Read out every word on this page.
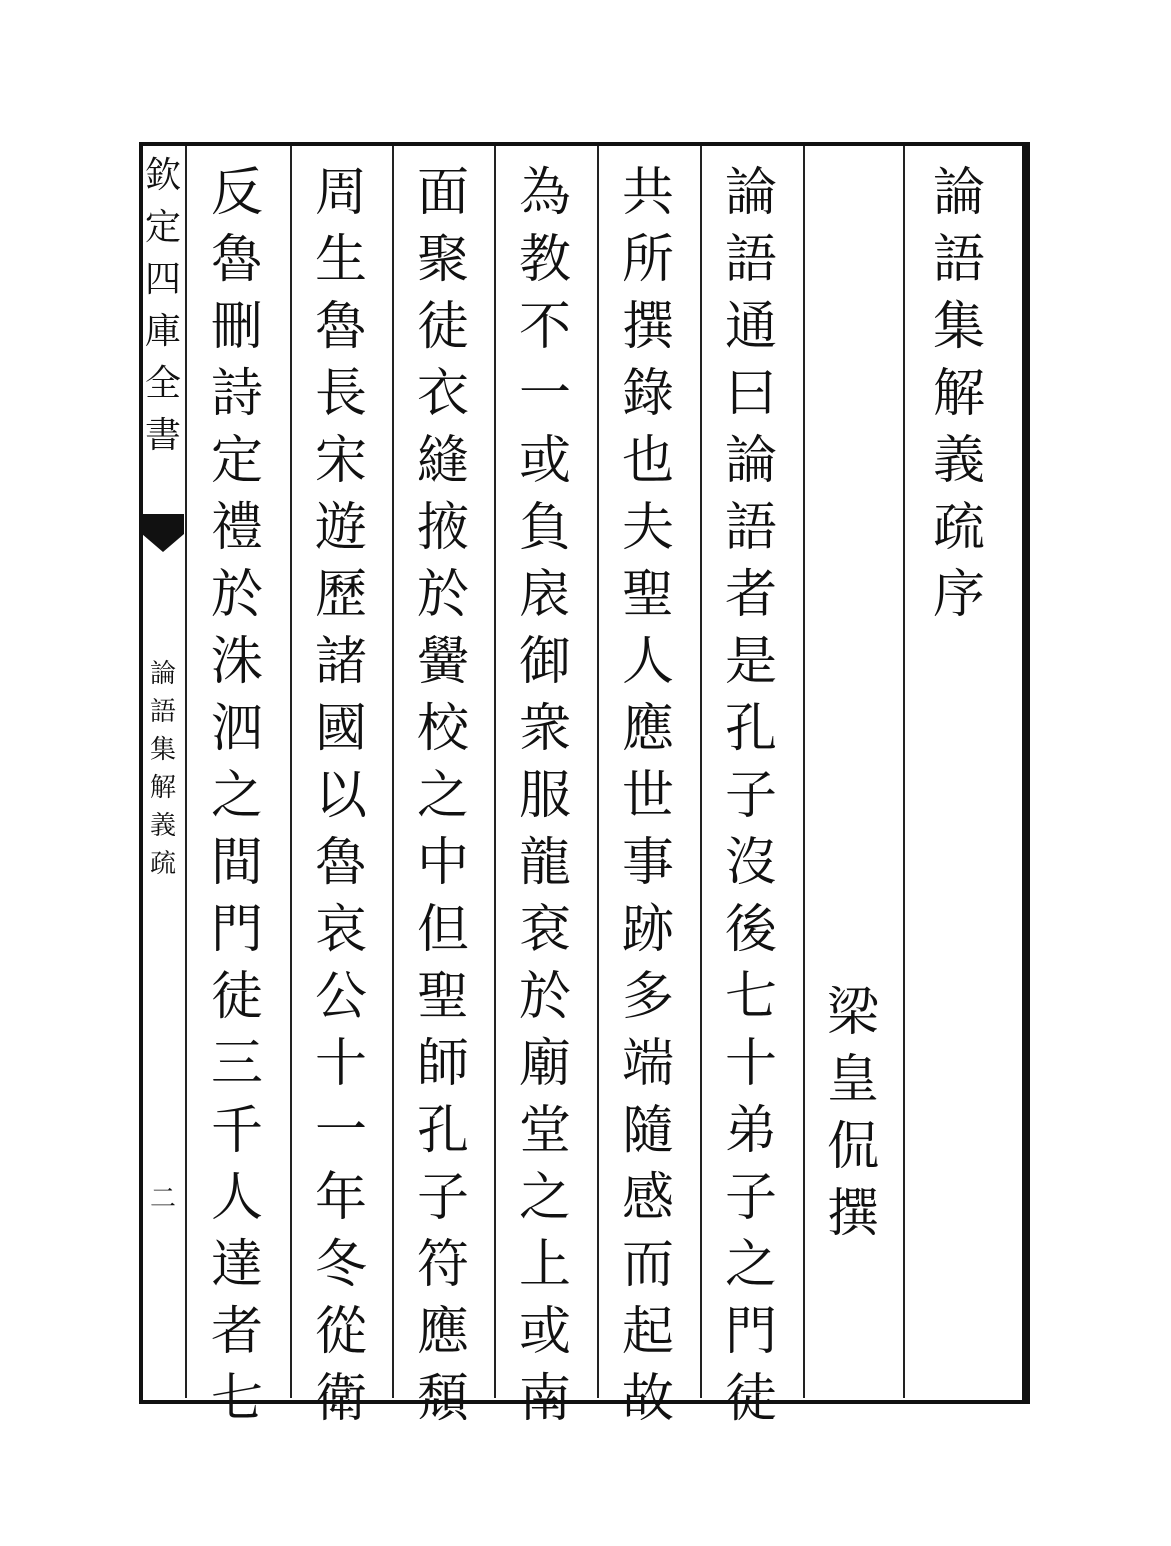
欽
定
四
庫
全
書
論
語
集
解
義
疏
二
論
語
集
解
義
疏
序
梁
皇
侃
撰
論
語
通
曰
論
語
者
是
孔
子
沒
後
七
十
弟
子
之
門
徒
共
所
撰
錄
也
夫
聖
人
應
世
事
跡
多
端
隨
感
而
起
故
為
教
不
一
或
負
扆
御
衆
服
龍
袞
於
廟
堂
之
上
或
南
面
聚
徒
衣
縫
掖
於
黌
校
之
中
但
聖
師
孔
子
符
應
頹
周
生
魯
長
宋
遊
歷
諸
國
以
魯
哀
公
十
一
年
冬
從
衛
反
魯
刪
詩
定
禮
於
洙
泗
之
間
門
徒
三
千
人
達
者
七
